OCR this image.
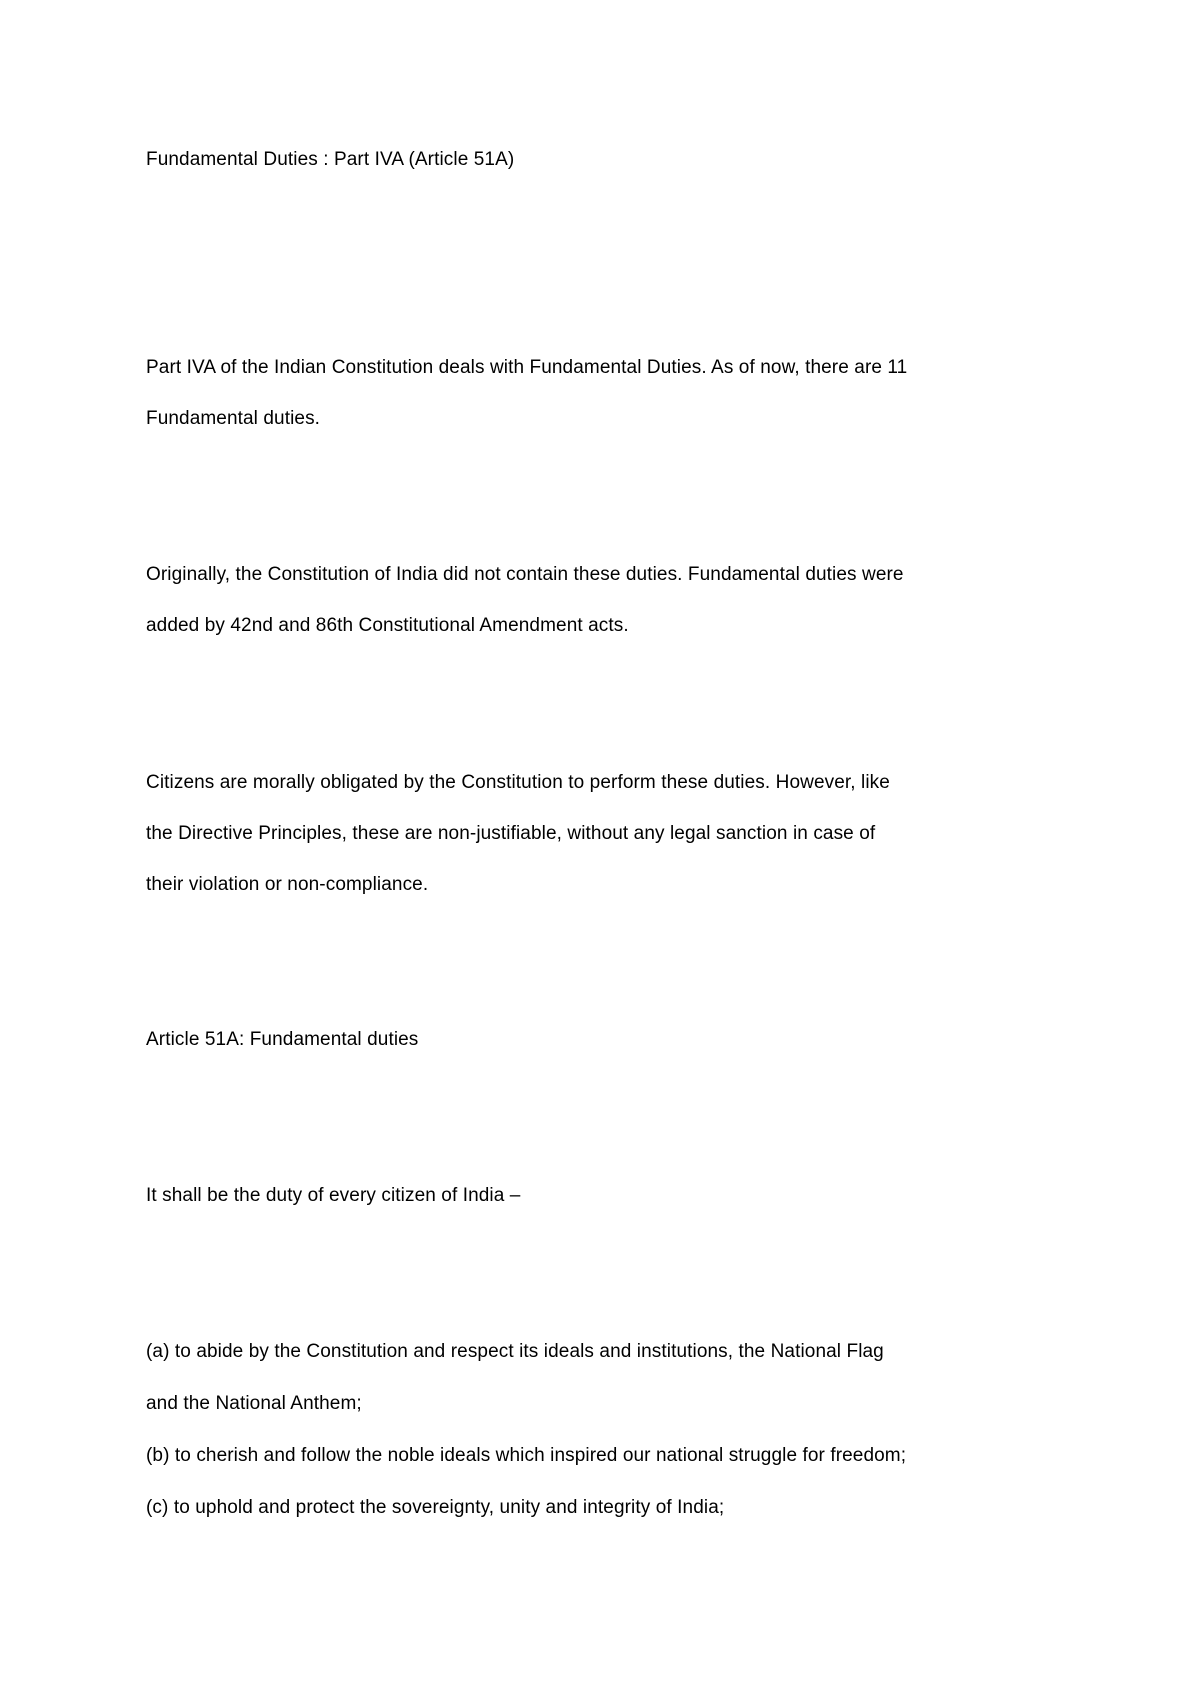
Fundamental Duties : Part IVA (Article 51A)
Part IVA of the Indian Constitution deals with Fundamental Duties. As of now, there are 11
Fundamental duties.
Originally, the Constitution of India did not contain these duties. Fundamental duties were
added by 42nd and 86th Constitutional Amendment acts.
Citizens are morally obligated by the Constitution to perform these duties. However, like
the Directive Principles, these are non-justifiable, without any legal sanction in case of
their violation or non-compliance.
Article 51A: Fundamental duties
It shall be the duty of every citizen of India –
(a) to abide by the Constitution and respect its ideals and institutions, the National Flag
and the National Anthem;
(b) to cherish and follow the noble ideals which inspired our national struggle for freedom;
(c) to uphold and protect the sovereignty, unity and integrity of India;
